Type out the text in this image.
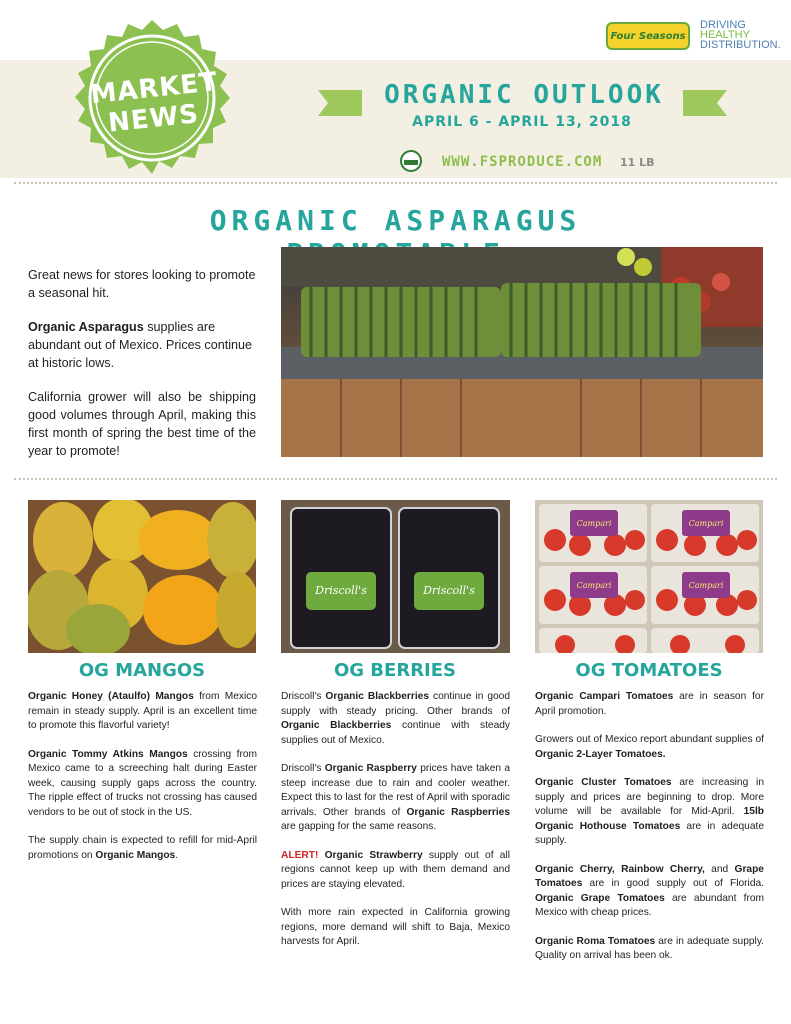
MARKET
NEWS
Four Seasons
DRIVING
HEALTHY
DISTRIBUTION.
ORGANIC OUTLOOK
APRIL 6 - APRIL 13, 2018
WWW.FSPRODUCE.COM 11 LB
ORGANIC ASPARAGUS

Great news for stores looking to promote a seasonal hit.

Organic Asparagus supplies are abundant out of Mexico. Prices continue at historic lows.

California grower will also be shipping good volumes through April, making this first month of spring the best time of the year to promote!

Driscoll's	Driscoll's
Campari	Campari
Campari	Campari
OG MANGOS	OG BERRIES	OG TOMATOES

Organic Honey (Ataulfo) Mangos from Mexico remain in steady supply. April is an excellent time to promote this flavorful variety!

Organic Tommy Atkins Mangos crossing from Mexico came to a screeching halt during Easter week, causing supply gaps across the country. The ripple effect of trucks not crossing has caused vendors to be out of stock in the US.

The supply chain is expected to refill for mid-April promotions on Organic Mangos.

Driscoll's Organic Blackberries continue in good supply with steady pricing. Other brands of Organic Blackberries continue with steady supplies out of Mexico.

Driscoll's Organic Raspberry prices have taken a steep increase due to rain and cooler weather. Expect this to last for the rest of April with sporadic arrivals. Other brands of Organic Raspberries are gapping for the same reasons.

ALERT! Organic Strawberry supply out of all regions cannot keep up with them demand and prices are staying elevated.

With more rain expected in California growing regions, more demand will shift to Baja, Mexico harvests for April.

Organic Campari Tomatoes are in season for April promotion.

Growers out of Mexico report abundant supplies of Organic 2-Layer Tomatoes.

Organic Cluster Tomatoes are increasing in supply and prices are beginning to drop. More volume will be available for Mid-April. 15lb Organic Hothouse Tomatoes are in adequate supply.

Organic Cherry, Rainbow Cherry, and Grape Tomatoes are in good supply out of Florida. Organic Grape Tomatoes are abundant from Mexico with cheap prices.

Organic Roma Tomatoes are in adequate supply. Quality on arrival has been ok.
